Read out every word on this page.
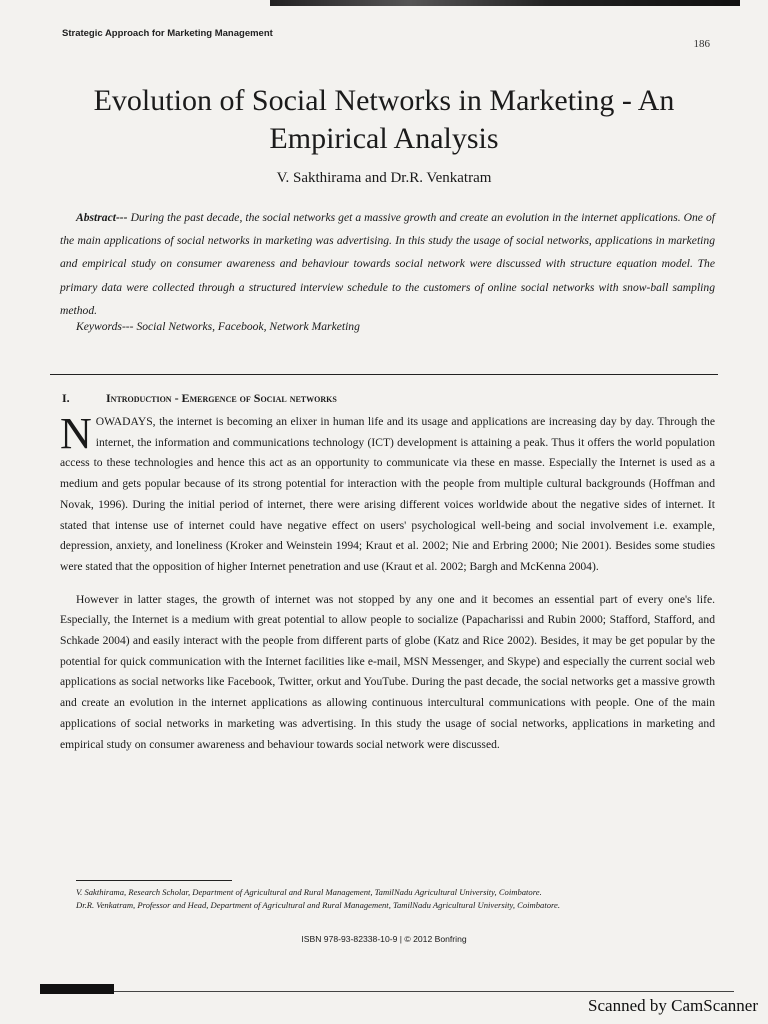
Strategic Approach for Marketing Management
186
Evolution of Social Networks in Marketing - An
Empirical Analysis
V. Sakthirama and Dr.R. Venkatram

Abstract--- During the past decade, the social networks get a massive growth and create an evolution in the internet applications. One of the main applications of social networks in marketing was advertising. In this study the usage of social networks, applications in marketing and empirical study on consumer awareness and behaviour towards social network were discussed with structure equation model. The primary data were collected through a structured interview schedule to the customers of online social networks with snow-ball sampling method.

Keywords--- Social Networks, Facebook, Network Marketing
I.	Introduction - Emergence of Social networks

N OWADAYS, the internet is becoming an elixer in human life and its usage and applications are increasing day by day. Through the internet, the information and communications technology (ICT) development is attaining a peak. Thus it offers the world population access to these technologies and hence this act as an opportunity to communicate via these en masse. Especially the Internet is used as a medium and gets popular because of its strong potential for interaction with the people from multiple cultural backgrounds (Hoffman and Novak, 1996). During the initial period of internet, there were arising different voices worldwide about the negative sides of internet. It stated that intense use of internet could have negative effect on users' psychological well-being and social involvement i.e. example, depression, anxiety, and loneliness (Kroker and Weinstein 1994; Kraut et al. 2002; Nie and Erbring 2000; Nie 2001). Besides some studies were stated that the opposition of higher Internet penetration and use (Kraut et al. 2002; Bargh and McKenna 2004).

However in latter stages, the growth of internet was not stopped by any one and it becomes an essential part of every one's life. Especially, the Internet is a medium with great potential to allow people to socialize (Papacharissi and Rubin 2000; Stafford, Stafford, and Schkade 2004) and easily interact with the people from different parts of globe (Katz and Rice 2002). Besides, it may be get popular by the potential for quick communication with the Internet facilities like e-mail, MSN Messenger, and Skype) and especially the current social web applications as social networks like Facebook, Twitter, orkut and YouTube. During the past decade, the social networks get a massive growth and create an evolution in the internet applications as allowing continuous intercultural communications with people. One of the main applications of social networks in marketing was advertising. In this study the usage of social networks, applications in marketing and empirical study on consumer awareness and behaviour towards social network were discussed.

V. Sakthirama, Research Scholar, Department of Agricultural and Rural Management, TamilNadu Agricultural University, Coimbatore.
Dr.R. Venkatram, Professor and Head, Department of Agricultural and Rural Management, TamilNadu Agricultural University, Coimbatore.
ISBN 978-93-82338-10-9 | © 2012 Bonfring
Scanned by CamScanner
